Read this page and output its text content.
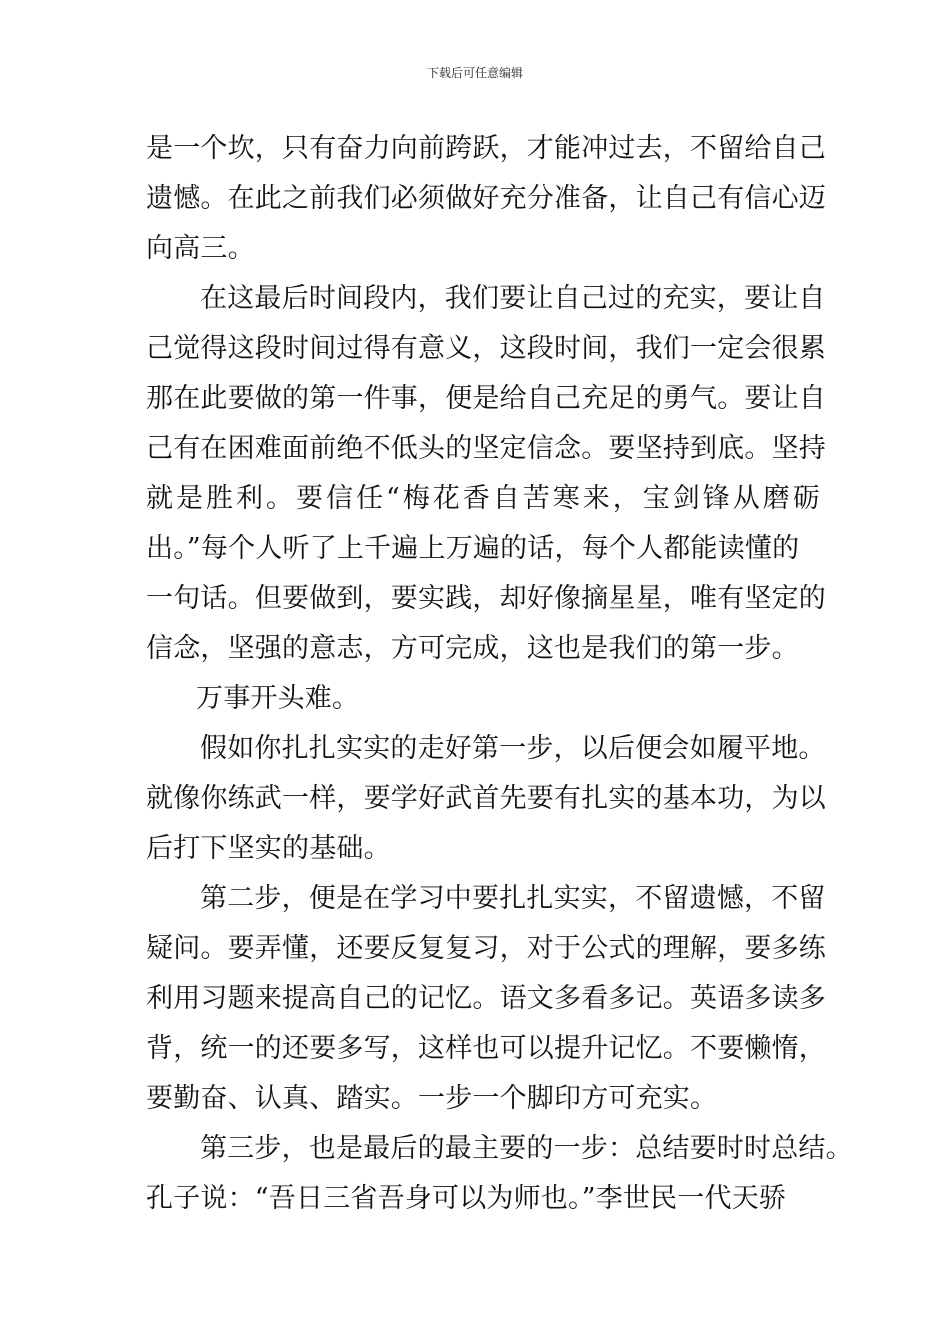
下载后可任意编辑
是一个坎，只有奋力向前跨跃，才能冲过去，不留给自己
遗憾。在此之前我们必须做好充分准备，让自己有信心迈
向高三。
在这最后时间段内，我们要让自己过的充实，要让自
己觉得这段时间过得有意义，这段时间，我们一定会很累
那在此要做的第一件事，便是给自己充足的勇气。要让自
己有在困难面前绝不低头的坚定信念。要坚持到底。坚持
就是胜利。要信任“梅花香自苦寒来，宝剑锋从磨砺
出。”每个人听了上千遍上万遍的话，每个人都能读懂的
一句话。但要做到，要实践，却好像摘星星，唯有坚定的
信念，坚强的意志，方可完成，这也是我们的第一步。
万事开头难。
假如你扎扎实实的走好第一步，以后便会如履平地。
就像你练武一样，要学好武首先要有扎实的基本功，为以
后打下坚实的基础。
第二步，便是在学习中要扎扎实实，不留遗憾，不留
疑问。要弄懂，还要反复复习，对于公式的理解，要多练
利用习题来提高自己的记忆。语文多看多记。英语多读多
背，统一的还要多写，这样也可以提升记忆。不要懒惰，
要勤奋、认真、踏实。一步一个脚印方可充实。
第三步，也是最后的最主要的一步：总结要时时总结。
孔子说：“吾日三省吾身可以为师也。”李世民一代天骄
